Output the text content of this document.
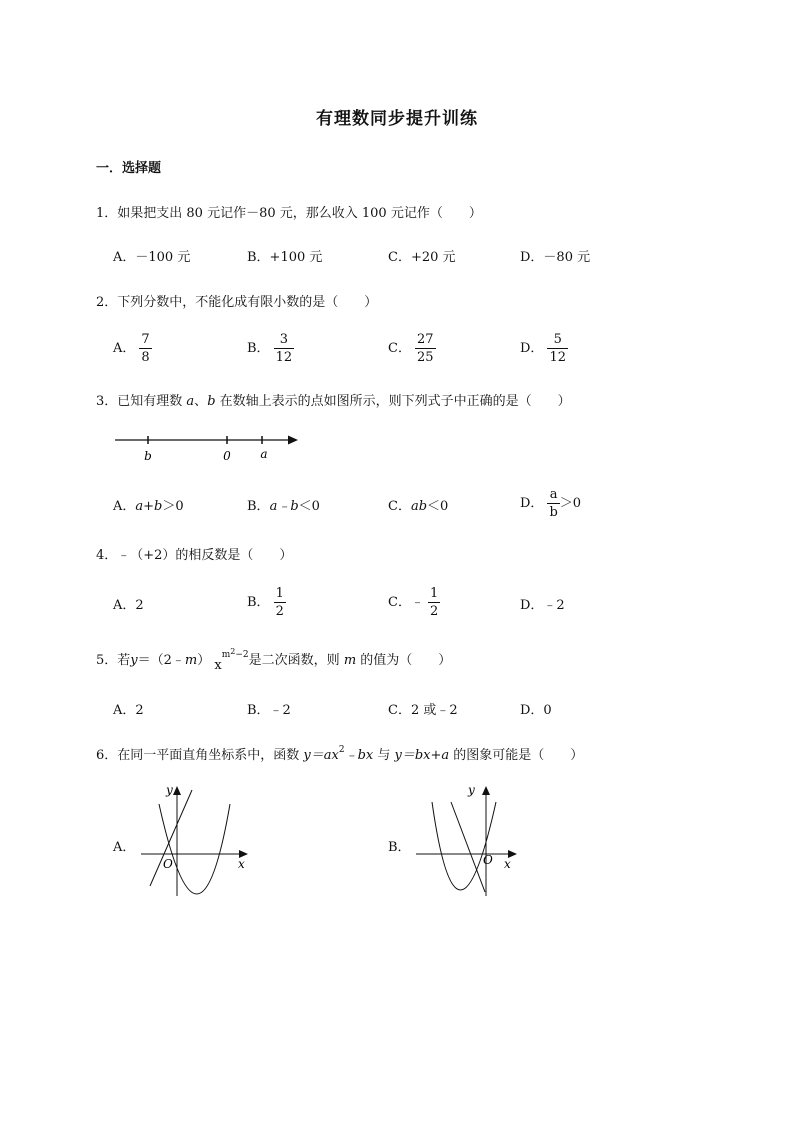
有理数同步提升训练
一．选择题
1．如果把支出 80 元记作－80 元，那么收入 100 元记作（　　）
A．－100 元	B．+100 元	C．+20 元	D．－80 元
2．下列分数中，不能化成有限小数的是（　　）
A． $\frac{7}{8}$	B． $\frac{3}{12}$	C． $\frac{27}{25}$	D． $\frac{5}{12}$
3．已知有理数 a、b 在数轴上表示的点如图所示，则下列式子中正确的是（　　）
b	0 a
A．a+b＞0	B．a﹣b＜0	C．ab＜0	D． $\frac{a}{b} >0$
4．﹣（+2）的相反数是（　　）
A．2	B． $\frac{1}{2}$	C．﹣ $\frac{1}{2}$	D．﹣2
5．若y＝（2﹣m） $x^{m2-2}$是二次函数，则 m 的值为（　　）
A．2	B．﹣2	C．2 或﹣2	D．0
6．在同一平面直角坐标系中，函数 $y=ax^2﹣bx$ 与 y＝bx+a 的图象可能是（　　）
A．
y
x
O
B．
y
x
O
